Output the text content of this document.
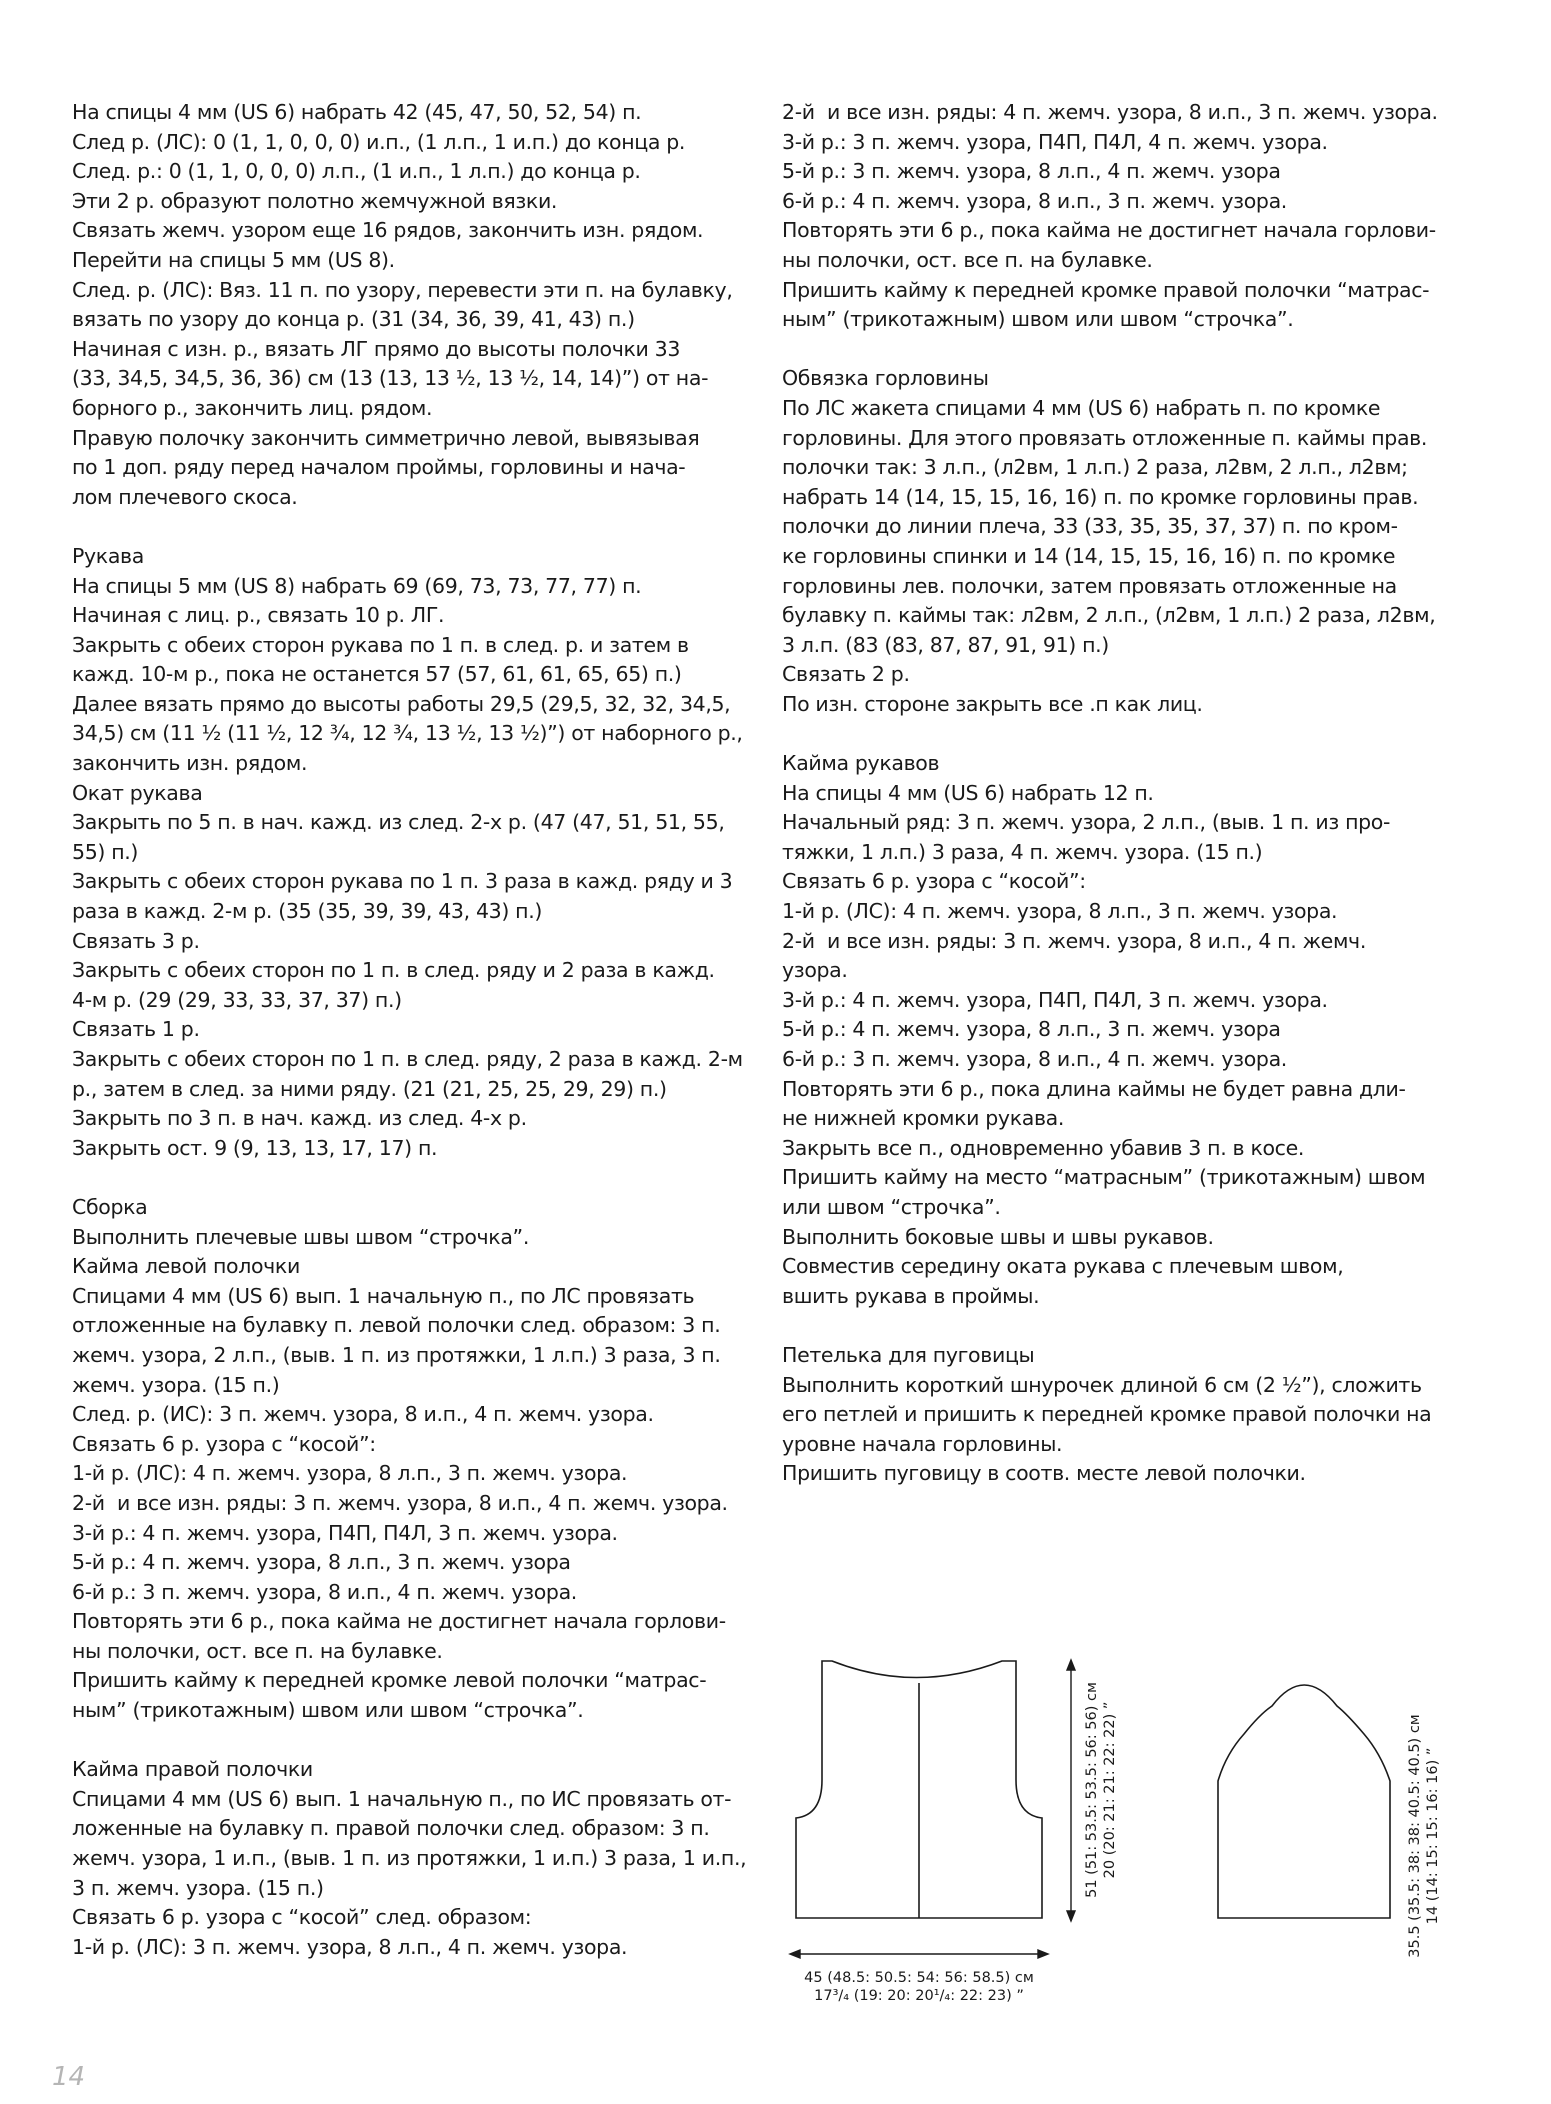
На спицы 4 мм (US 6) набрать 42 (45, 47, 50, 52, 54) п.
След р. (ЛС): 0 (1, 1, 0, 0, 0) и.п., (1 л.п., 1 и.п.) до конца р.
След. р.: 0 (1, 1, 0, 0, 0) л.п., (1 и.п., 1 л.п.) до конца р.
Эти 2 р. образуют полотно жемчужной вязки.
Связать жемч. узором еще 16 рядов, закончить изн. рядом.
Перейти на спицы 5 мм (US 8).
След. р. (ЛС): Вяз. 11 п. по узору, перевести эти п. на булавку,
вязать по узору до конца р. (31 (34, 36, 39, 41, 43) п.)
Начиная с изн. р., вязать ЛГ прямо до высоты полочки 33
(33, 34,5, 34,5, 36, 36) см (13 (13, 13 ½, 13 ½, 14, 14)”) от на-
борного р., закончить лиц. рядом.
Правую полочку закончить симметрично левой, вывязывая
по 1 доп. ряду перед началом проймы, горловины и нача-
лом плечевого скоса.
Рукава
На спицы 5 мм (US 8) набрать 69 (69, 73, 73, 77, 77) п.
Начиная с лиц. р., связать 10 р. ЛГ.
Закрыть с обеих сторон рукава по 1 п. в след. р. и затем в
кажд. 10-м р., пока не останется 57 (57, 61, 61, 65, 65) п.)
Далее вязать прямо до высоты работы 29,5 (29,5, 32, 32, 34,5,
34,5) см (11 ½ (11 ½, 12 ¾, 12 ¾, 13 ½, 13 ½)”) от наборного р.,
закончить изн. рядом.
Окат рукава
Закрыть по 5 п. в нач. кажд. из след. 2-х р. (47 (47, 51, 51, 55,
55) п.)
Закрыть с обеих сторон рукава по 1 п. 3 раза в кажд. ряду и 3
раза в кажд. 2-м р. (35 (35, 39, 39, 43, 43) п.)
Связать 3 р.
Закрыть с обеих сторон по 1 п. в след. ряду и 2 раза в кажд.
4-м р. (29 (29, 33, 33, 37, 37) п.)
Связать 1 р.
Закрыть с обеих сторон по 1 п. в след. ряду, 2 раза в кажд. 2-м
р., затем в след. за ними ряду. (21 (21, 25, 25, 29, 29) п.)
Закрыть по 3 п. в нач. кажд. из след. 4-х р.
Закрыть ост. 9 (9, 13, 13, 17, 17) п.
Сборка
Выполнить плечевые швы швом “строчка”.
Кайма левой полочки
Спицами 4 мм (US 6) вып. 1 начальную п., по ЛС провязать
отложенные на булавку п. левой полочки след. образом: 3 п.
жемч. узора, 2 л.п., (выв. 1 п. из протяжки, 1 л.п.) 3 раза, 3 п.
жемч. узора. (15 п.)
След. р. (ИС): 3 п. жемч. узора, 8 и.п., 4 п. жемч. узора.
Связать 6 р. узора с “косой”:
1-й р. (ЛС): 4 п. жемч. узора, 8 л.п., 3 п. жемч. узора.
2-й  и все изн. ряды: 3 п. жемч. узора, 8 и.п., 4 п. жемч. узора.
3-й р.: 4 п. жемч. узора, П4П, П4Л, 3 п. жемч. узора.
5-й р.: 4 п. жемч. узора, 8 л.п., 3 п. жемч. узора
6-й р.: 3 п. жемч. узора, 8 и.п., 4 п. жемч. узора.
Повторять эти 6 р., пока кайма не достигнет начала горлови-
ны полочки, ост. все п. на булавке.
Пришить кайму к передней кромке левой полочки “матрас-
ным” (трикотажным) швом или швом “строчка”.
Кайма правой полочки
Спицами 4 мм (US 6) вып. 1 начальную п., по ИС провязать от-
ложенные на булавку п. правой полочки след. образом: 3 п.
жемч. узора, 1 и.п., (выв. 1 п. из протяжки, 1 и.п.) 3 раза, 1 и.п.,
3 п. жемч. узора. (15 п.)
Связать 6 р. узора с “косой” след. образом:
1-й р. (ЛС): 3 п. жемч. узора, 8 л.п., 4 п. жемч. узора.
2-й  и все изн. ряды: 4 п. жемч. узора, 8 и.п., 3 п. жемч. узора.
3-й р.: 3 п. жемч. узора, П4П, П4Л, 4 п. жемч. узора.
5-й р.: 3 п. жемч. узора, 8 л.п., 4 п. жемч. узора
6-й р.: 4 п. жемч. узора, 8 и.п., 3 п. жемч. узора.
Повторять эти 6 р., пока кайма не достигнет начала горлови-
ны полочки, ост. все п. на булавке.
Пришить кайму к передней кромке правой полочки “матрас-
ным” (трикотажным) швом или швом “строчка”.
Обвязка горловины
По ЛС жакета спицами 4 мм (US 6) набрать п. по кромке
горловины. Для этого провязать отложенные п. каймы прав.
полочки так: 3 л.п., (л2вм, 1 л.п.) 2 раза, л2вм, 2 л.п., л2вм;
набрать 14 (14, 15, 15, 16, 16) п. по кромке горловины прав.
полочки до линии плеча, 33 (33, 35, 35, 37, 37) п. по кром-
ке горловины спинки и 14 (14, 15, 15, 16, 16) п. по кромке
горловины лев. полочки, затем провязать отложенные на
булавку п. каймы так: л2вм, 2 л.п., (л2вм, 1 л.п.) 2 раза, л2вм,
3 л.п. (83 (83, 87, 87, 91, 91) п.)
Связать 2 р.
По изн. стороне закрыть все .п как лиц.
Кайма рукавов
На спицы 4 мм (US 6) набрать 12 п.
Начальный ряд: 3 п. жемч. узора, 2 л.п., (выв. 1 п. из про-
тяжки, 1 л.п.) 3 раза, 4 п. жемч. узора. (15 п.)
Связать 6 р. узора с “косой”:
1-й р. (ЛС): 4 п. жемч. узора, 8 л.п., 3 п. жемч. узора.
2-й  и все изн. ряды: 3 п. жемч. узора, 8 и.п., 4 п. жемч.
узора.
3-й р.: 4 п. жемч. узора, П4П, П4Л, 3 п. жемч. узора.
5-й р.: 4 п. жемч. узора, 8 л.п., 3 п. жемч. узора
6-й р.: 3 п. жемч. узора, 8 и.п., 4 п. жемч. узора.
Повторять эти 6 р., пока длина каймы не будет равна дли-
не нижней кромки рукава.
Закрыть все п., одновременно убавив 3 п. в косе.
Пришить кайму на место “матрасным” (трикотажным) швом
или швом “строчка”.
Выполнить боковые швы и швы рукавов.
Совместив середину оката рукава с плечевым швом,
вшить рукава в проймы.
Петелька для пуговицы
Выполнить короткий шнурочек длиной 6 см (2 ½”), сложить
его петлей и пришить к передней кромке правой полочки на
уровне начала горловины.
Пришить пуговицу в соотв. месте левой полочки.
45 (48.5: 50.5: 54: 56: 58.5) см
17³/₄ (19: 20: 20¹/₄: 22: 23) ”
51 (51: 53.5: 53.5: 56: 56) см 20 (20: 21: 21: 22: 22) ”	35.5 (35.5: 38: 38: 40.5: 40.5) см 14 (14: 15: 15: 16: 16) ”
14
